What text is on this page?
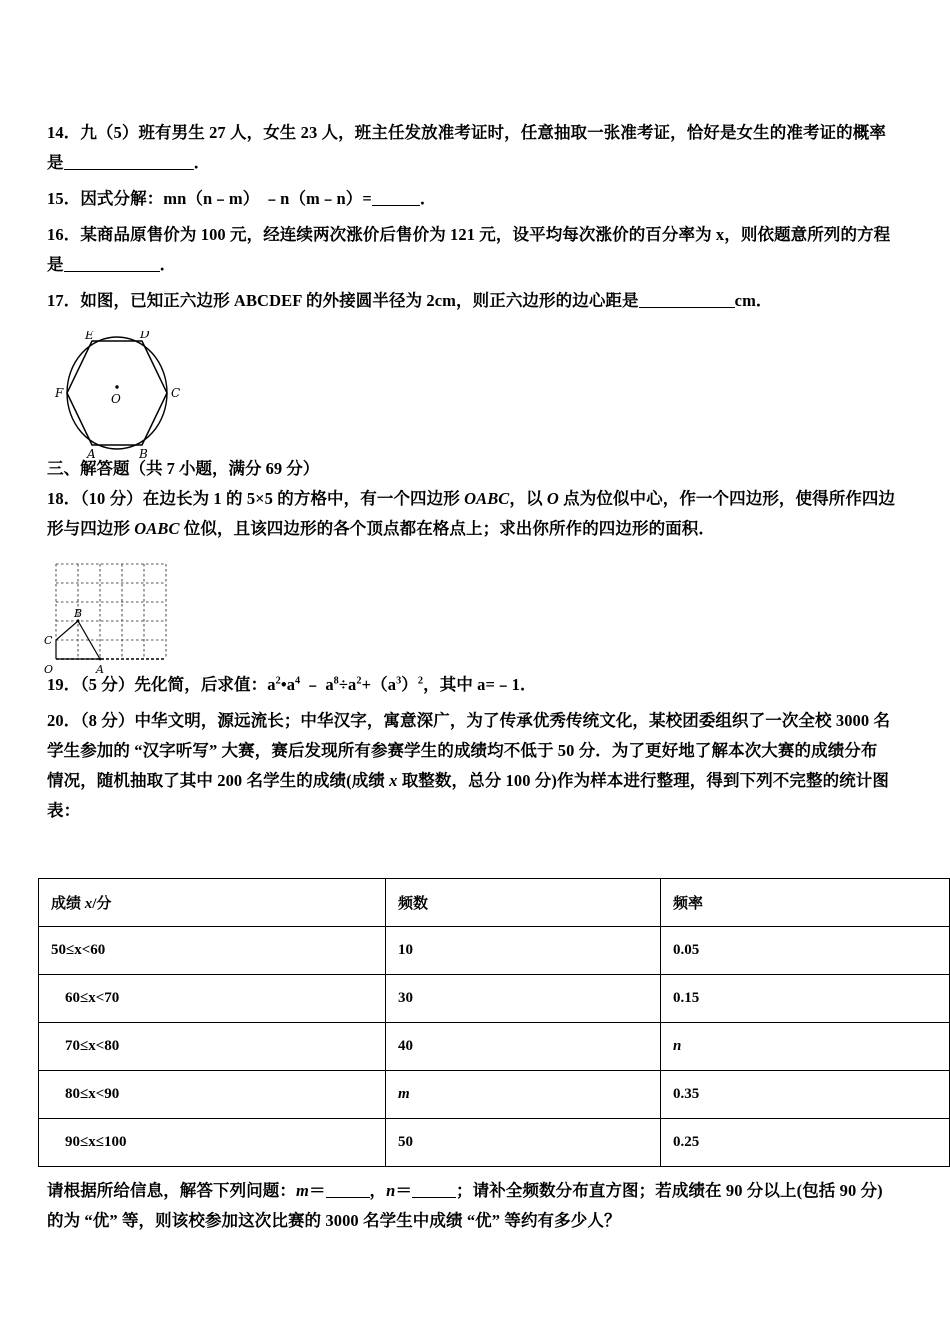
14．九（5）班有男生 27 人，女生 23 人，班主任发放准考证时，任意抽取一张准考证，恰好是女生的准考证的概率
是	．
15．因式分解：mn（n﹣m） ﹣n（m﹣n）=	．
16．某商品原售价为 100 元，经连续两次涨价后售价为 121 元，设平均每次涨价的百分率为 x，则依题意所列的方程
是	．
17．如图，已知正六边形 ABCDEF 的外接圆半径为 2cm，则正六边形的边心距是	cm．
三、解答题（共 7 小题，满分 69 分）
18．（10 分）在边长为 1 的 5×5 的方格中，有一个四边形 OABC，以 O 点为位似中心，作一个四边形，使得所作四边
形与四边形 OABC 位似，且该四边形的各个顶点都在格点上；求出你所作的四边形的面积．
19．（5 分）先化简，后求值：$a^2•a^4$ ﹣ $a^8\div a^2+(a^3)^2$，其中 a=﹣1．
20．（8 分）中华文明，源远流长；中华汉字，寓意深广，为了传承优秀传统文化，某校团委组织了一次全校 3000 名
学生参加的 “汉字听写” 大赛，赛后发现所有参赛学生的成绩均不低于 50 分．为了更好地了解本次大赛的成绩分布
情况，随机抽取了其中 200 名学生的成绩(成绩 x 取整数，总分 100 分)作为样本进行整理，得到下列不完整的统计图
表：
E	D
F	C
O
A	B
B
C
O	A
成绩 x/分	频数	频率
50≤x<60	10	0.05
60≤x<70	30	0.15
70≤x<80	40	n
80≤x<90	m	0.35
90≤x≤100	50	0.25
请根据所给信息，解答下列问题：m＝	，n＝	；请补全频数分布直方图；若成绩在 90 分以上(包括 90 分)
的为 “优” 等，则该校参加这次比赛的 3000 名学生中成绩 “优” 等约有多少人？
